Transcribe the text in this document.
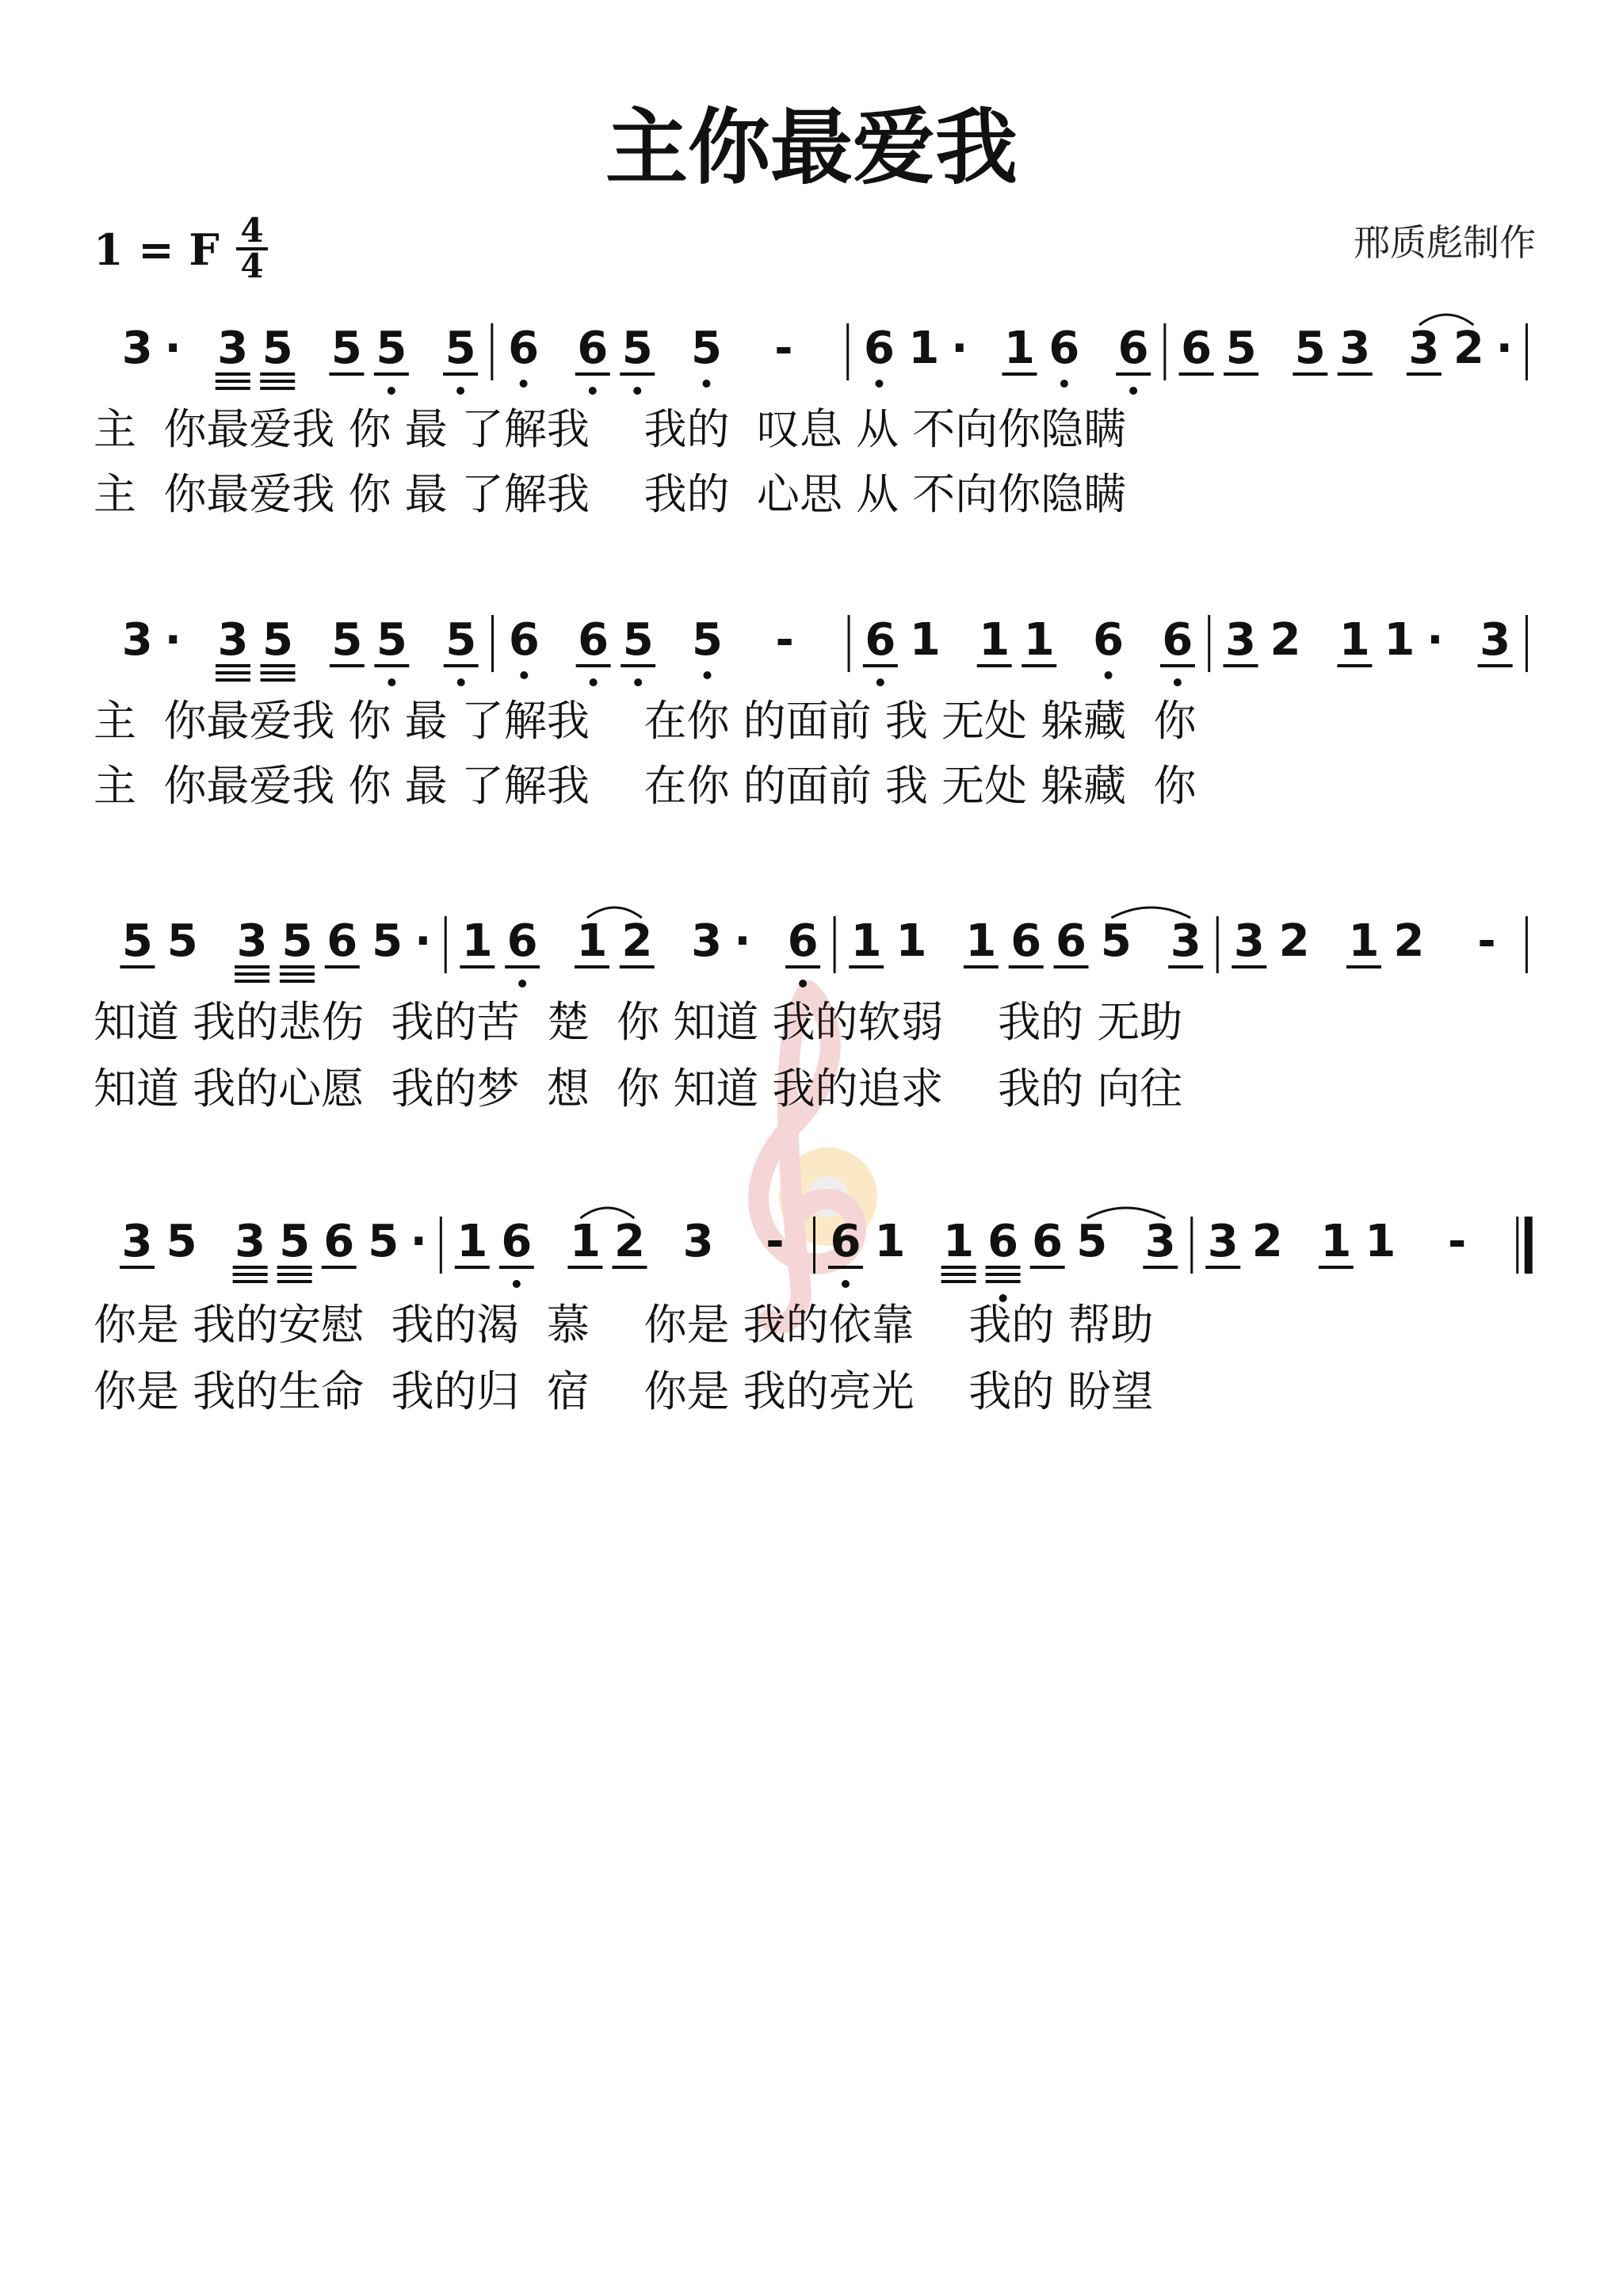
主你最爱我
1 = F 4
4
邢质彪制作
3 · 3 5 5 5 5 6 6 5 5 - 6 1 · 1 6 6 6 5 5 3 3 2 ·
主  你最爱我 你 最 了解我    我的  叹息 从 不向你隐瞒
主  你最爱我 你 最 了解我    我的  心思 从 不向你隐瞒
3 · 3 5 5 5 5 6 6 5 5 - 6 1 1 1 6 6 3 2 1 1 · 3
主  你最爱我 你 最 了解我    在你 的面前 我 无处 躲藏  你
主  你最爱我 你 最 了解我    在你 的面前 我 无处 躲藏  你
5 5 3 5 6 5 · 1 6 1 2 3 · 6 1 1 1 6 6 5 3 3 2 1 2 -
知道 我的悲伤  我的苦  楚  你 知道 我的软弱    我的 无助
知道 我的心愿  我的梦  想  你 知道 我的追求    我的 向往
3 5 3 5 6 5 · 1 6 1 2 3 - 6 1 1 6 6 5 3 3 2 1 1 -
你是 我的安慰  我的渴  慕    你是 我的依靠    我的 帮助
你是 我的生命  我的归  宿    你是 我的亮光    我的 盼望
